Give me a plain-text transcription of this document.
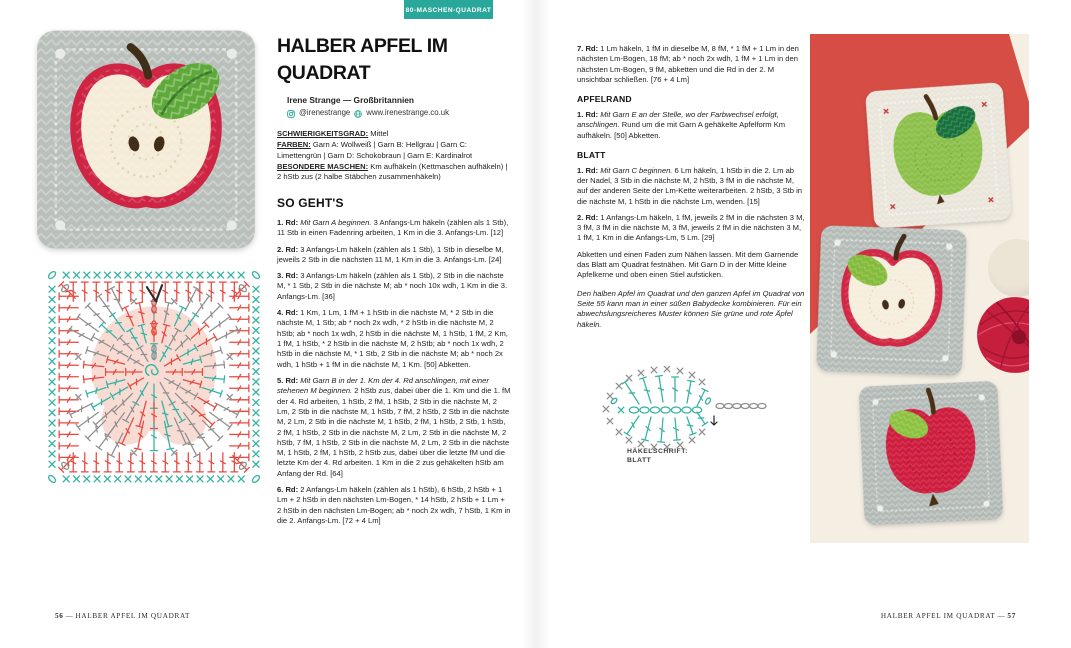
80-MASCHEN-QUADRAT
HALBER APFEL IM QUADRAT

Irene Strange — Großbritannien

@irenestrange www.irenestrange.co.uk

SCHWIERIGKEITSGRAD: Mittel

FARBEN: Garn A: Wollweiß | Garn B: Hellgrau | Garn C: Limettengrün | Garn D: Schokobraun | Garn E: Kardinalrot

BESONDERE MASCHEN: Km aufhäkeln (Kettmaschen aufhäkeln) | 2 hStb zus (2 halbe Stäbchen zusammenhäkeln)

SO GEHT'S

1. Rd: Mit Garn A beginnen. 3 Anfangs-Lm häkeln (zählen als 1 Stb), 11 Stb in einen Fadenring arbeiten, 1 Km in die 3. Anfangs-Lm. [12]

2. Rd: 3 Anfangs-Lm häkeln (zählen als 1 Stb), 1 Stb in dieselbe M, jeweils 2 Stb in die nächsten 11 M, 1 Km in die 3. Anfangs-Lm. [24]

3. Rd: 3 Anfangs-Lm häkeln (zählen als 1 Stb), 2 Stb in die nächste M, * 1 Stb, 2 Stb in die nächste M; ab * noch 10x wdh, 1 Km in die 3. Anfangs-Lm. [36]

4. Rd: 1 Km, 1 Lm, 1 fM + 1 hStb in die nächste M, * 2 Stb in die nächste M, 1 Stb; ab * noch 2x wdh, * 2 hStb in die nächste M, 2 hStb; ab * noch 1x wdh, 2 hStb in die nächste M, 1 hStb, 1 fM, 2 Km, 1 fM, 1 hStb, * 2 hStb in die nächste M, 2 hStb; ab * noch 1x wdh, 2 hStb in die nächste M, * 1 Stb, 2 Stb in die nächste M; ab * noch 2x wdh, 1 hStb + 1 fM in die nächste M, 1 Km. [50] Abketten.

5. Rd: Mit Garn B in der 1. Km der 4. Rd anschlingen, mit einer stehenen M beginnen. 2 hStb zus, dabei über die 1. Km und die 1. fM der 4. Rd arbeiten, 1 hStb, 2 fM, 1 hStb, 2 Stb in die nächste M, 2 Lm, 2 Stb in die nächste M, 1 hStb, 7 fM, 2 hStb, 2 Stb in die nächste M, 2 Lm, 2 Stb in die nächste M, 1 hStb, 2 fM, 1 hStb, 2 Stb, 1 hStb, 2 fM, 1 hStb, 2 Stb in die nächste M, 2 Lm, 2 Stb in die nächste M, 2 hStb, 7 fM, 1 hStb, 2 Stb in die nächste M, 2 Lm, 2 Stb in die nächste M, 1 hStb, 2 fM, 1 hStb, 2 hStb zus, dabei über die letzte fM und die letzte Km der 4. Rd arbeiten. 1 Km in die 2 zus gehäkelten hStb am Anfang der Rd. [64]

6. Rd: 2 Anfangs-Lm häkeln (zählen als 1 hStb), 6 hStb, 2 hStb + 1 Lm + 2 hStb in den nächsten Lm-Bogen, * 14 hStb, 2 hStb + 1 Lm + 2 hStb in den nächsten Lm-Bogen; ab * noch 2x wdh, 7 hStb, 1 Km in die 2. Anfangs-Lm. [72 + 4 Lm]

7. Rd: 1 Lm häkeln, 1 fM in dieselbe M, 8 fM, * 1 fM + 1 Lm in den nächsten Lm-Bogen, 18 fM; ab * noch 2x wdh, 1 fM + 1 Lm in den nächsten Lm-Bogen, 9 fM, abketten und die Rd in der 2. M unsichtbar schließen. [76 + 4 Lm]

APFELRAND

1. Rd: Mit Garn E an der Stelle, wo der Farbwechsel erfolgt, anschlingen. Rund um die mit Garn A gehäkelte Apfelform Km aufhäkeln. [50] Abketten.

BLATT

1. Rd: Mit Garn C beginnen. 6 Lm häkeln, 1 hStb in die 2. Lm ab der Nadel, 3 Stb in die nächste M, 2 hStb, 3 fM in die nächste M, auf der anderen Seite der Lm-Kette weiterarbeiten. 2 hStb, 3 Stb in die nächste M, 1 hStb in die nächste Lm, wenden. [15]

2. Rd: 1 Anfangs-Lm häkeln, 1 fM, jeweils 2 fM in die nächsten 3 M, 3 fM, 3 fM in die nächste M, 3 fM, jeweils 2 fM in die nächsten 3 M, 1 fM, 1 Km in die Anfangs-Lm, 5 Lm. [29]

Abketten und einen Faden zum Nähen lassen. Mit dem Garnende das Blatt am Quadrat festnähen. Mit Garn D in der Mitte kleine Apfelkerne und oben einen Stiel aufsticken.

Den halben Apfel im Quadrat und den ganzen Apfel im Quadrat von Seite 55 kann man in einer süßen Babydecke kombinieren. Für ein abwechslungsreicheres Muster können Sie grüne und rote Äpfel häkeln.

HÄKELSCHRIFT:
BLATT
56 — HALBER APFEL IM QUADRAT	HALBER APFEL IM QUADRAT — 57
